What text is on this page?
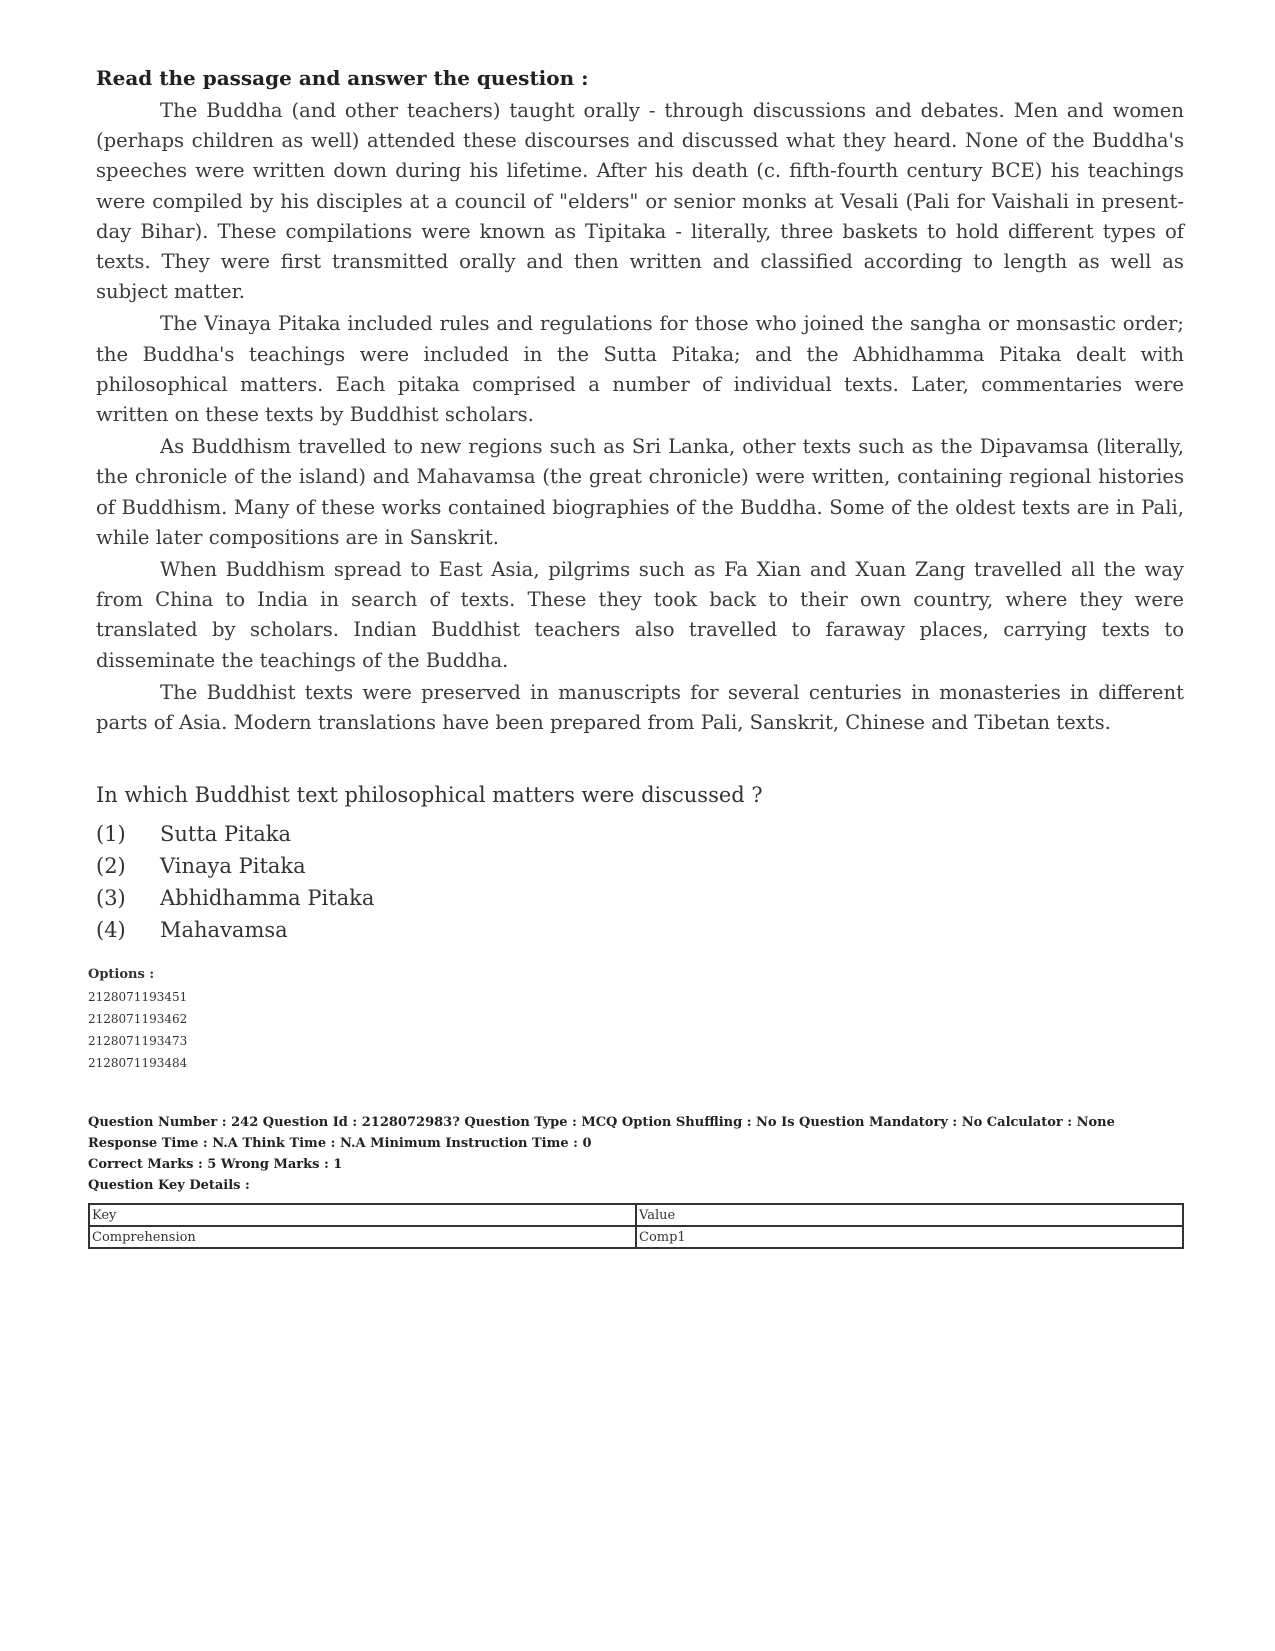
Read the passage and answer the question :

The Buddha (and other teachers) taught orally - through discussions and debates. Men and women (perhaps children as well) attended these discourses and discussed what they heard. None of the Buddha's speeches were written down during his lifetime. After his death (c. fifth-fourth century BCE) his teachings were compiled by his disciples at a council of "elders" or senior monks at Vesali (Pali for Vaishali in present-day Bihar). These compilations were known as Tipitaka - literally, three baskets to hold different types of texts. They were first transmitted orally and then written and classified according to length as well as subject matter.

The Vinaya Pitaka included rules and regulations for those who joined the sangha or monsastic order; the Buddha's teachings were included in the Sutta Pitaka; and the Abhidhamma Pitaka dealt with philosophical matters. Each pitaka comprised a number of individual texts. Later, commentaries were written on these texts by Buddhist scholars.

As Buddhism travelled to new regions such as Sri Lanka, other texts such as the Dipavamsa (literally, the chronicle of the island) and Mahavamsa (the great chronicle) were written, containing regional histories of Buddhism. Many of these works contained biographies of the Buddha. Some of the oldest texts are in Pali, while later compositions are in Sanskrit.

When Buddhism spread to East Asia, pilgrims such as Fa Xian and Xuan Zang travelled all the way from China to India in search of texts. These they took back to their own country, where they were translated by scholars. Indian Buddhist teachers also travelled to faraway places, carrying texts to disseminate the teachings of the Buddha.

The Buddhist texts were preserved in manuscripts for several centuries in monasteries in different parts of Asia. Modern translations have been prepared from Pali, Sanskrit, Chinese and Tibetan texts.

In which Buddhist text philosophical matters were discussed ?
(1)	Sutta Pitaka
(2)	Vinaya Pitaka
(3)	Abhidhamma Pitaka
(4)	Mahavamsa
Options :
2128071193451
2128071193462
2128071193473
2128071193484
Question Number : 242 Question Id : 2128072983? Question Type : MCQ Option Shuffling : No Is Question Mandatory : No Calculator : None
Response Time : N.A Think Time : N.A Minimum Instruction Time : 0
Correct Marks : 5 Wrong Marks : 1
Question Key Details :
Key	Value
Comprehension	Comp1
